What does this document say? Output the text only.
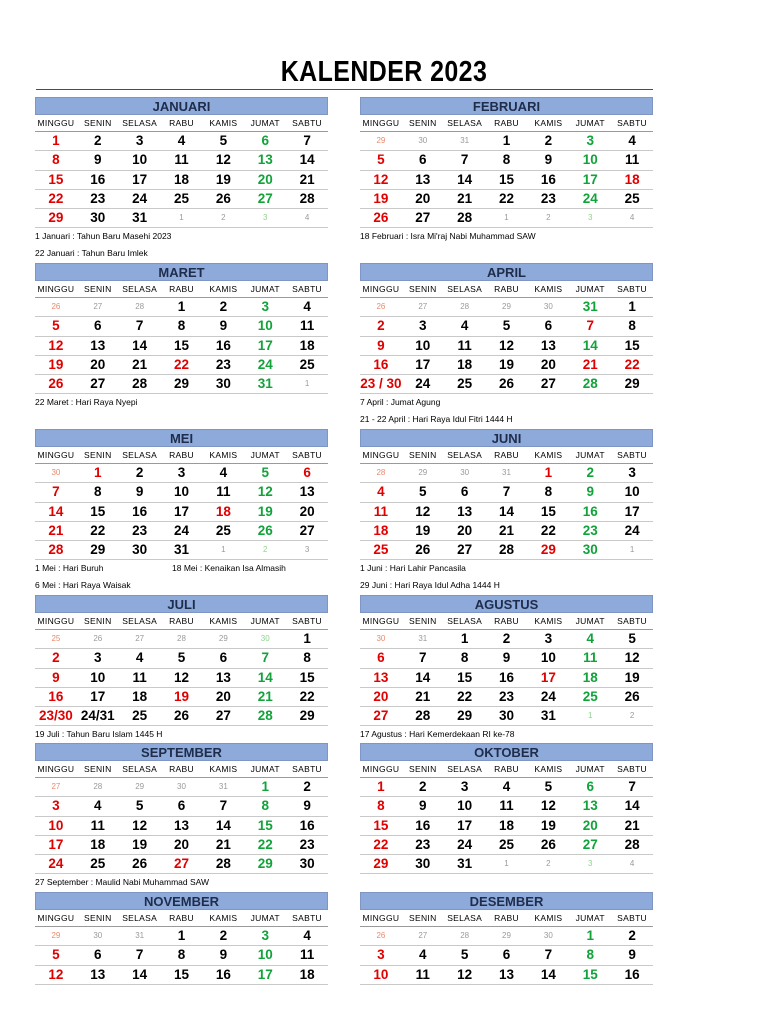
KALENDER 2023
JANUARI
MINGGU	SENIN	SELASA	RABU	KAMIS	JUMAT	SABTU
1	2	3	4	5	6	7
8	9	10	11	12	13	14
15	16	17	18	19	20	21
22	23	24	25	26	27	28
29	30	31	1	2	3	4
1 Januari : Tahun Baru Masehi 2023
22 Januari : Tahun Baru Imlek
FEBRUARI
MINGGU	SENIN	SELASA	RABU	KAMIS	JUMAT	SABTU
29	30	31	1	2	3	4
5	6	7	8	9	10	11
12	13	14	15	16	17	18
19	20	21	22	23	24	25
26	27	28	1	2	3	4
18 Februari : Isra Mi'raj Nabi Muhammad SAW
MARET
MINGGU	SENIN	SELASA	RABU	KAMIS	JUMAT	SABTU
26	27	28	1	2	3	4
5	6	7	8	9	10	11
12	13	14	15	16	17	18
19	20	21	22	23	24	25
26	27	28	29	30	31	1
22 Maret : Hari Raya Nyepi
APRIL
MINGGU	SENIN	SELASA	RABU	KAMIS	JUMAT	SABTU
26	27	28	29	30	31	1
2	3	4	5	6	7	8
9	10	11	12	13	14	15
16	17	18	19	20	21	22
23 / 30	24	25	26	27	28	29
7 April : Jumat Agung
21 - 22 April : Hari Raya Idul Fitri 1444 H
MEI
MINGGU	SENIN	SELASA	RABU	KAMIS	JUMAT	SABTU
30	1	2	3	4	5	6
7	8	9	10	11	12	13
14	15	16	17	18	19	20
21	22	23	24	25	26	27
28	29	30	31	1	2	3
1 Mei : Hari Buruh	18 Mei : Kenaikan Isa Almasih
6 Mei : Hari Raya Waisak
JUNI
MINGGU	SENIN	SELASA	RABU	KAMIS	JUMAT	SABTU
28	29	30	31	1	2	3
4	5	6	7	8	9	10
11	12	13	14	15	16	17
18	19	20	21	22	23	24
25	26	27	28	29	30	1
1 Juni : Hari Lahir Pancasila
29 Juni : Hari Raya Idul Adha 1444 H
JULI
MINGGU	SENIN	SELASA	RABU	KAMIS	JUMAT	SABTU
25	26	27	28	29	30	1
2	3	4	5	6	7	8
9	10	11	12	13	14	15
16	17	18	19	20	21	22
23/30 24/31	25	26	27	28	29
19 Juli : Tahun Baru Islam 1445 H
AGUSTUS
MINGGU	SENIN	SELASA	RABU	KAMIS	JUMAT	SABTU
30	31	1	2	3	4	5
6	7	8	9	10	11	12
13	14	15	16	17	18	19
20	21	22	23	24	25	26
27	28	29	30	31	1	2
17 Agustus : Hari Kemerdekaan RI ke-78
SEPTEMBER
MINGGU	SENIN	SELASA	RABU	KAMIS	JUMAT	SABTU
27	28	29	30	31	1	2
3	4	5	6	7	8	9
10	11	12	13	14	15	16
17	18	19	20	21	22	23
24	25	26	27	28	29	30
27 September : Maulid Nabi Muhammad SAW
OKTOBER
MINGGU	SENIN	SELASA	RABU	KAMIS	JUMAT	SABTU
1	2	3	4	5	6	7
8	9	10	11	12	13	14
15	16	17	18	19	20	21
22	23	24	25	26	27	28
29	30	31	1	2	3	4
NOVEMBER
MINGGU	SENIN	SELASA	RABU	KAMIS	JUMAT	SABTU
29	30	31	1	2	3	4
5	6	7	8	9	10	11
12	13	14	15	16	17	18
DESEMBER
MINGGU	SENIN	SELASA	RABU	KAMIS	JUMAT	SABTU
26	27	28	29	30	1	2
3	4	5	6	7	8	9
10	11	12	13	14	15	16
